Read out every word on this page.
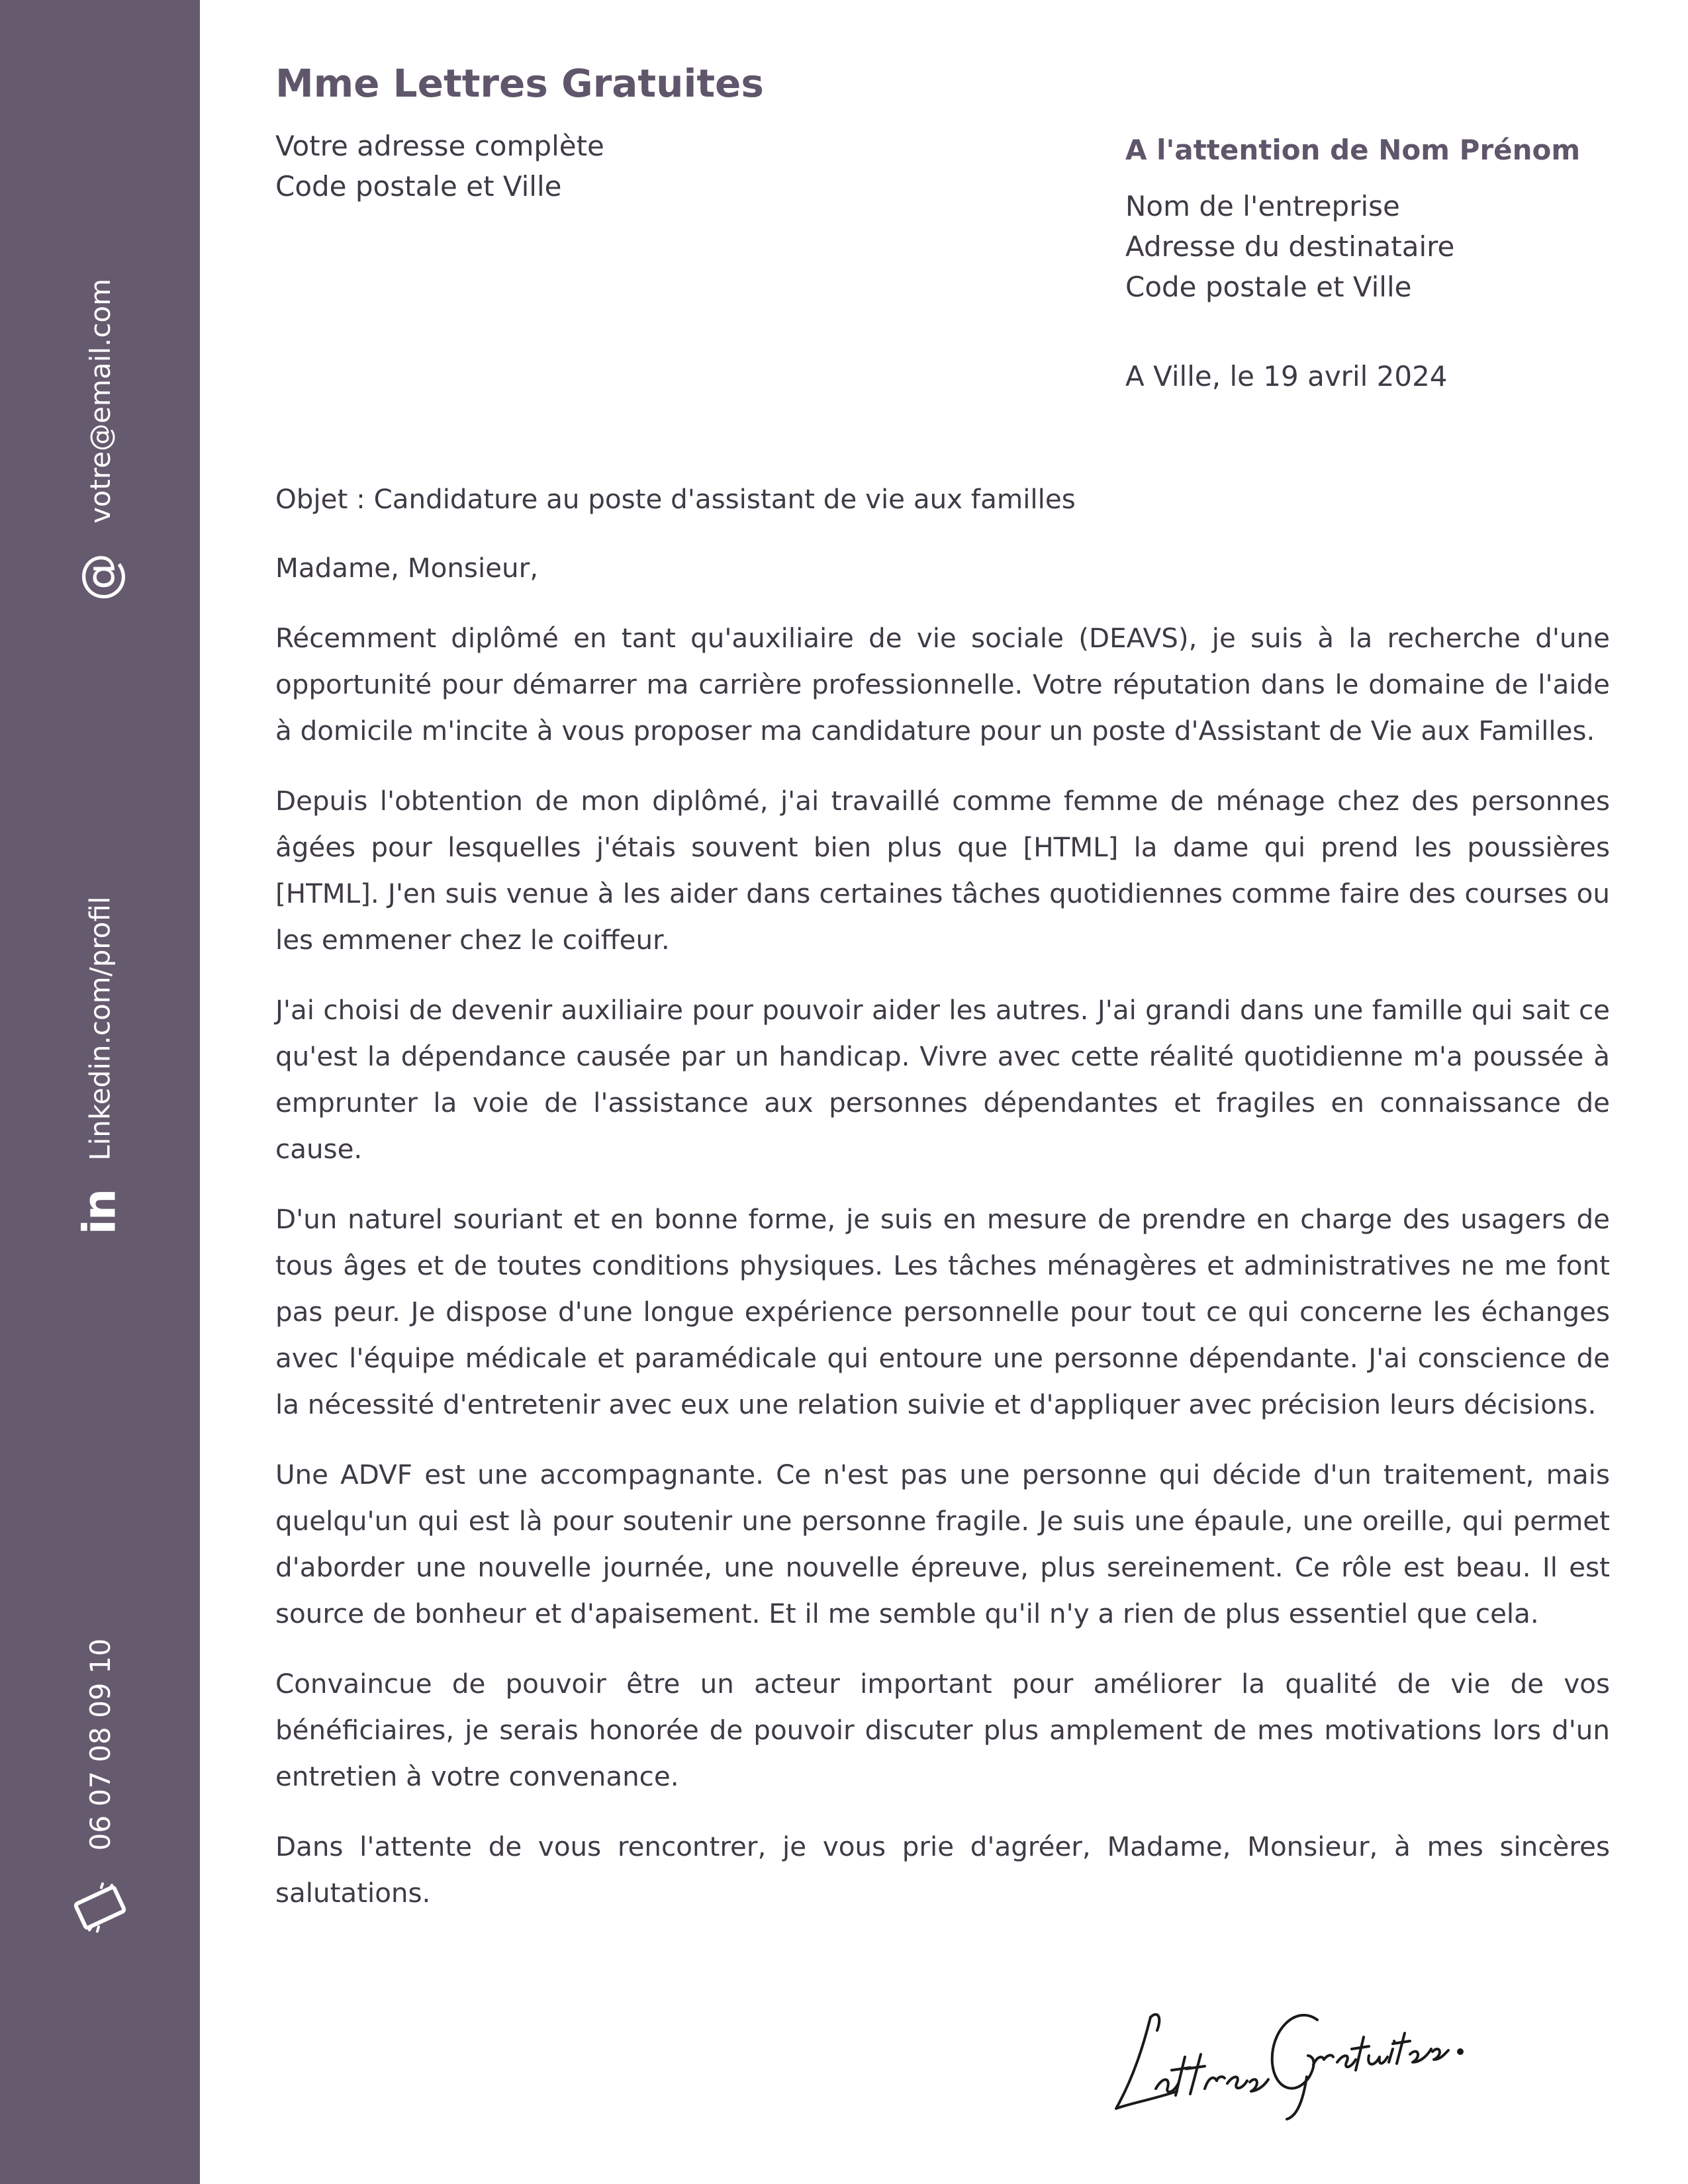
@
votre@email.com
in
Linkedin.com/profil
06 07 08 09 10
Mme Lettres Gratuites
Votre adresse complète
Code postale et Ville
A l'attention de Nom Prénom
Nom de l'entreprise
Adresse du destinataire
Code postale et Ville
A Ville, le 19 avril 2024

Objet : Candidature au poste d'assistant de vie aux familles

Madame, Monsieur,

Récemment diplômé en tant qu'auxiliaire de vie sociale (DEAVS), je suis à la recherche d'une opportunité pour démarrer ma carrière professionnelle. Votre réputation dans le domaine de l'aide à domicile m'incite à vous proposer ma candidature pour un poste d'Assistant de Vie aux Familles.

Depuis l'obtention de mon diplômé, j'ai travaillé comme femme de ménage chez des personnes âgées pour lesquelles j'étais souvent bien plus que [HTML] la dame qui prend les poussières [HTML]. J'en suis venue à les aider dans certaines tâches quotidiennes comme faire des courses ou les emmener chez le coiffeur.

J'ai choisi de devenir auxiliaire pour pouvoir aider les autres. J'ai grandi dans une famille qui sait ce qu'est la dépendance causée par un handicap. Vivre avec cette réalité quotidienne m'a poussée à emprunter la voie de l'assistance aux personnes dépendantes et fragiles en connaissance de cause.

D'un naturel souriant et en bonne forme, je suis en mesure de prendre en charge des usagers de tous âges et de toutes conditions physiques. Les tâches ménagères et administratives ne me font pas peur. Je dispose d'une longue expérience personnelle pour tout ce qui concerne les échanges avec l'équipe médicale et paramédicale qui entoure une personne dépendante. J'ai conscience de la nécessité d'entretenir avec eux une relation suivie et d'appliquer avec précision leurs décisions.

Une ADVF est une accompagnante. Ce n'est pas une personne qui décide d'un traitement, mais quelqu'un qui est là pour soutenir une personne fragile. Je suis une épaule, une oreille, qui permet d'aborder une nouvelle journée, une nouvelle épreuve, plus sereinement. Ce rôle est beau. Il est source de bonheur et d'apaisement. Et il me semble qu'il n'y a rien de plus essentiel que cela.

Convaincue de pouvoir être un acteur important pour améliorer la qualité de vie de vos bénéficiaires, je serais honorée de pouvoir discuter plus amplement de mes motivations lors d'un entretien à votre convenance.

Dans l'attente de vous rencontrer, je vous prie d'agréer, Madame, Monsieur, à mes sincères salutations.
